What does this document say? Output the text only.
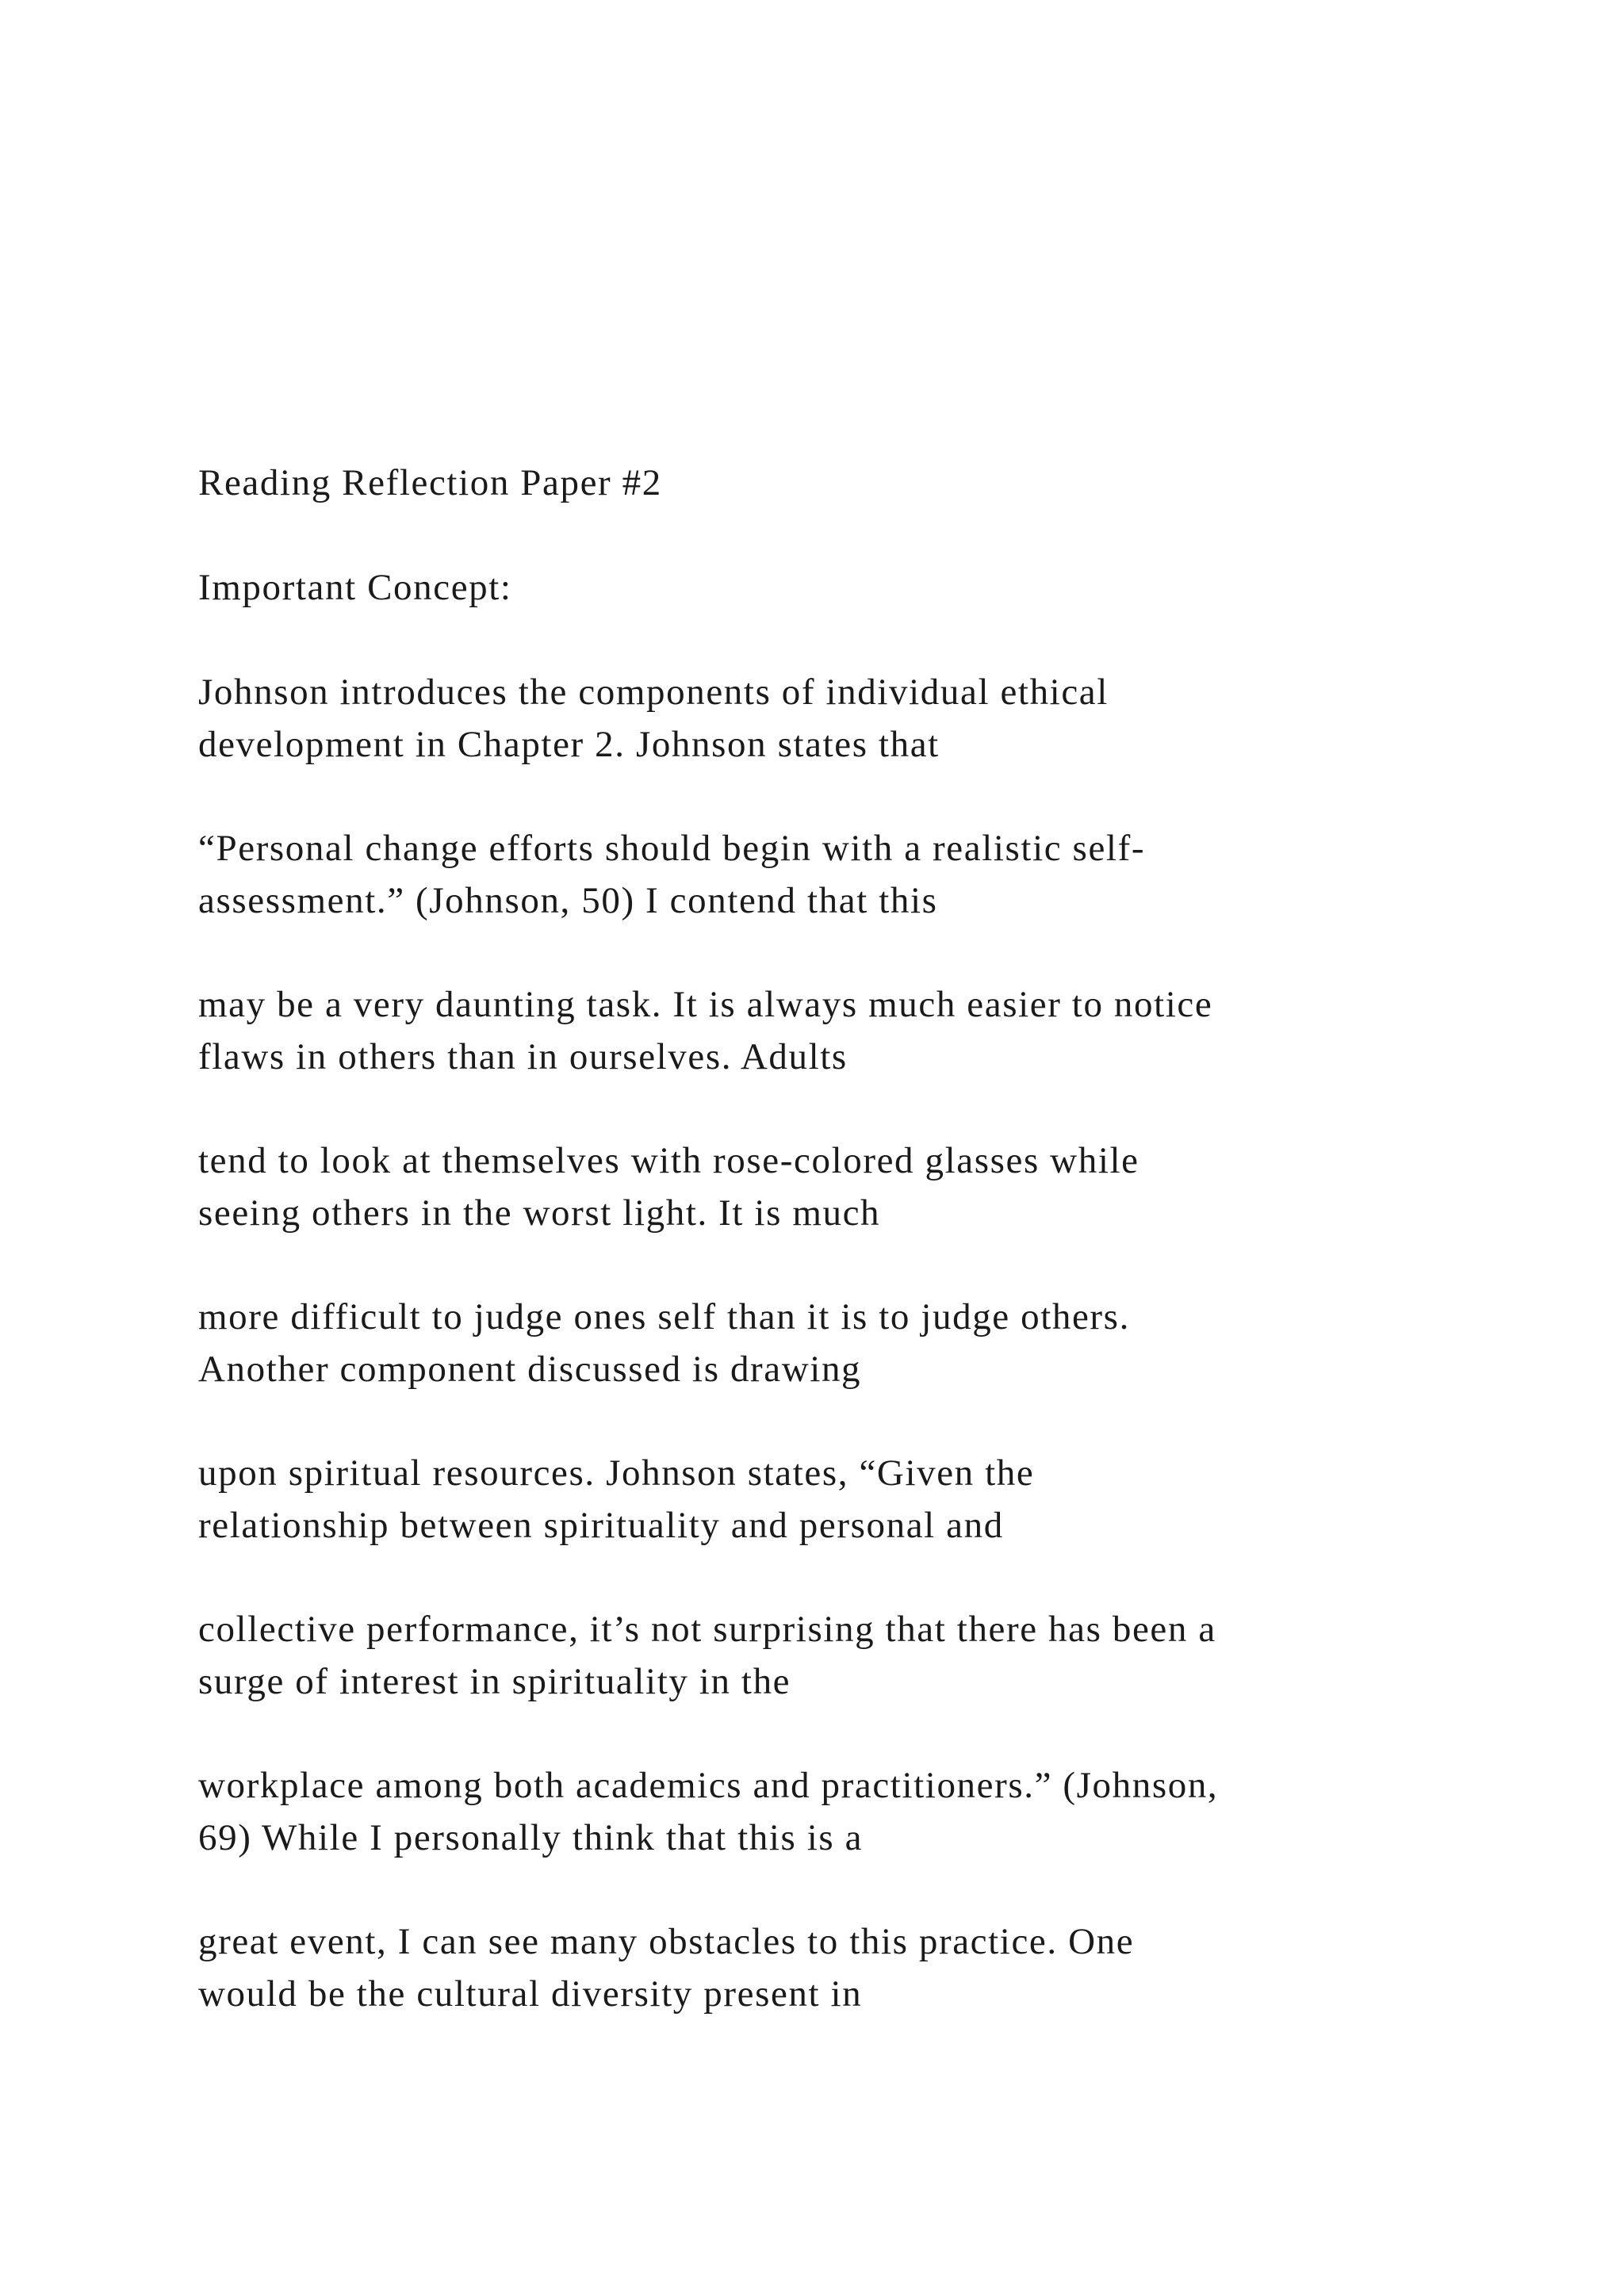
Reading Reflection Paper #2
Important Concept:
Johnson introduces the components of individual ethical
development in Chapter 2. Johnson states that
“Personal change efforts should begin with a realistic self-
assessment.” (Johnson, 50) I contend that this
may be a very daunting task. It is always much easier to notice
flaws in others than in ourselves. Adults
tend to look at themselves with rose-colored glasses while
seeing others in the worst light. It is much
more difficult to judge ones self than it is to judge others.
Another component discussed is drawing
upon spiritual resources. Johnson states, “Given the
relationship between spirituality and personal and
collective performance, it’s not surprising that there has been a
surge of interest in spirituality in the
workplace among both academics and practitioners.” (Johnson,
69) While I personally think that this is a
great event, I can see many obstacles to this practice. One
would be the cultural diversity present in
